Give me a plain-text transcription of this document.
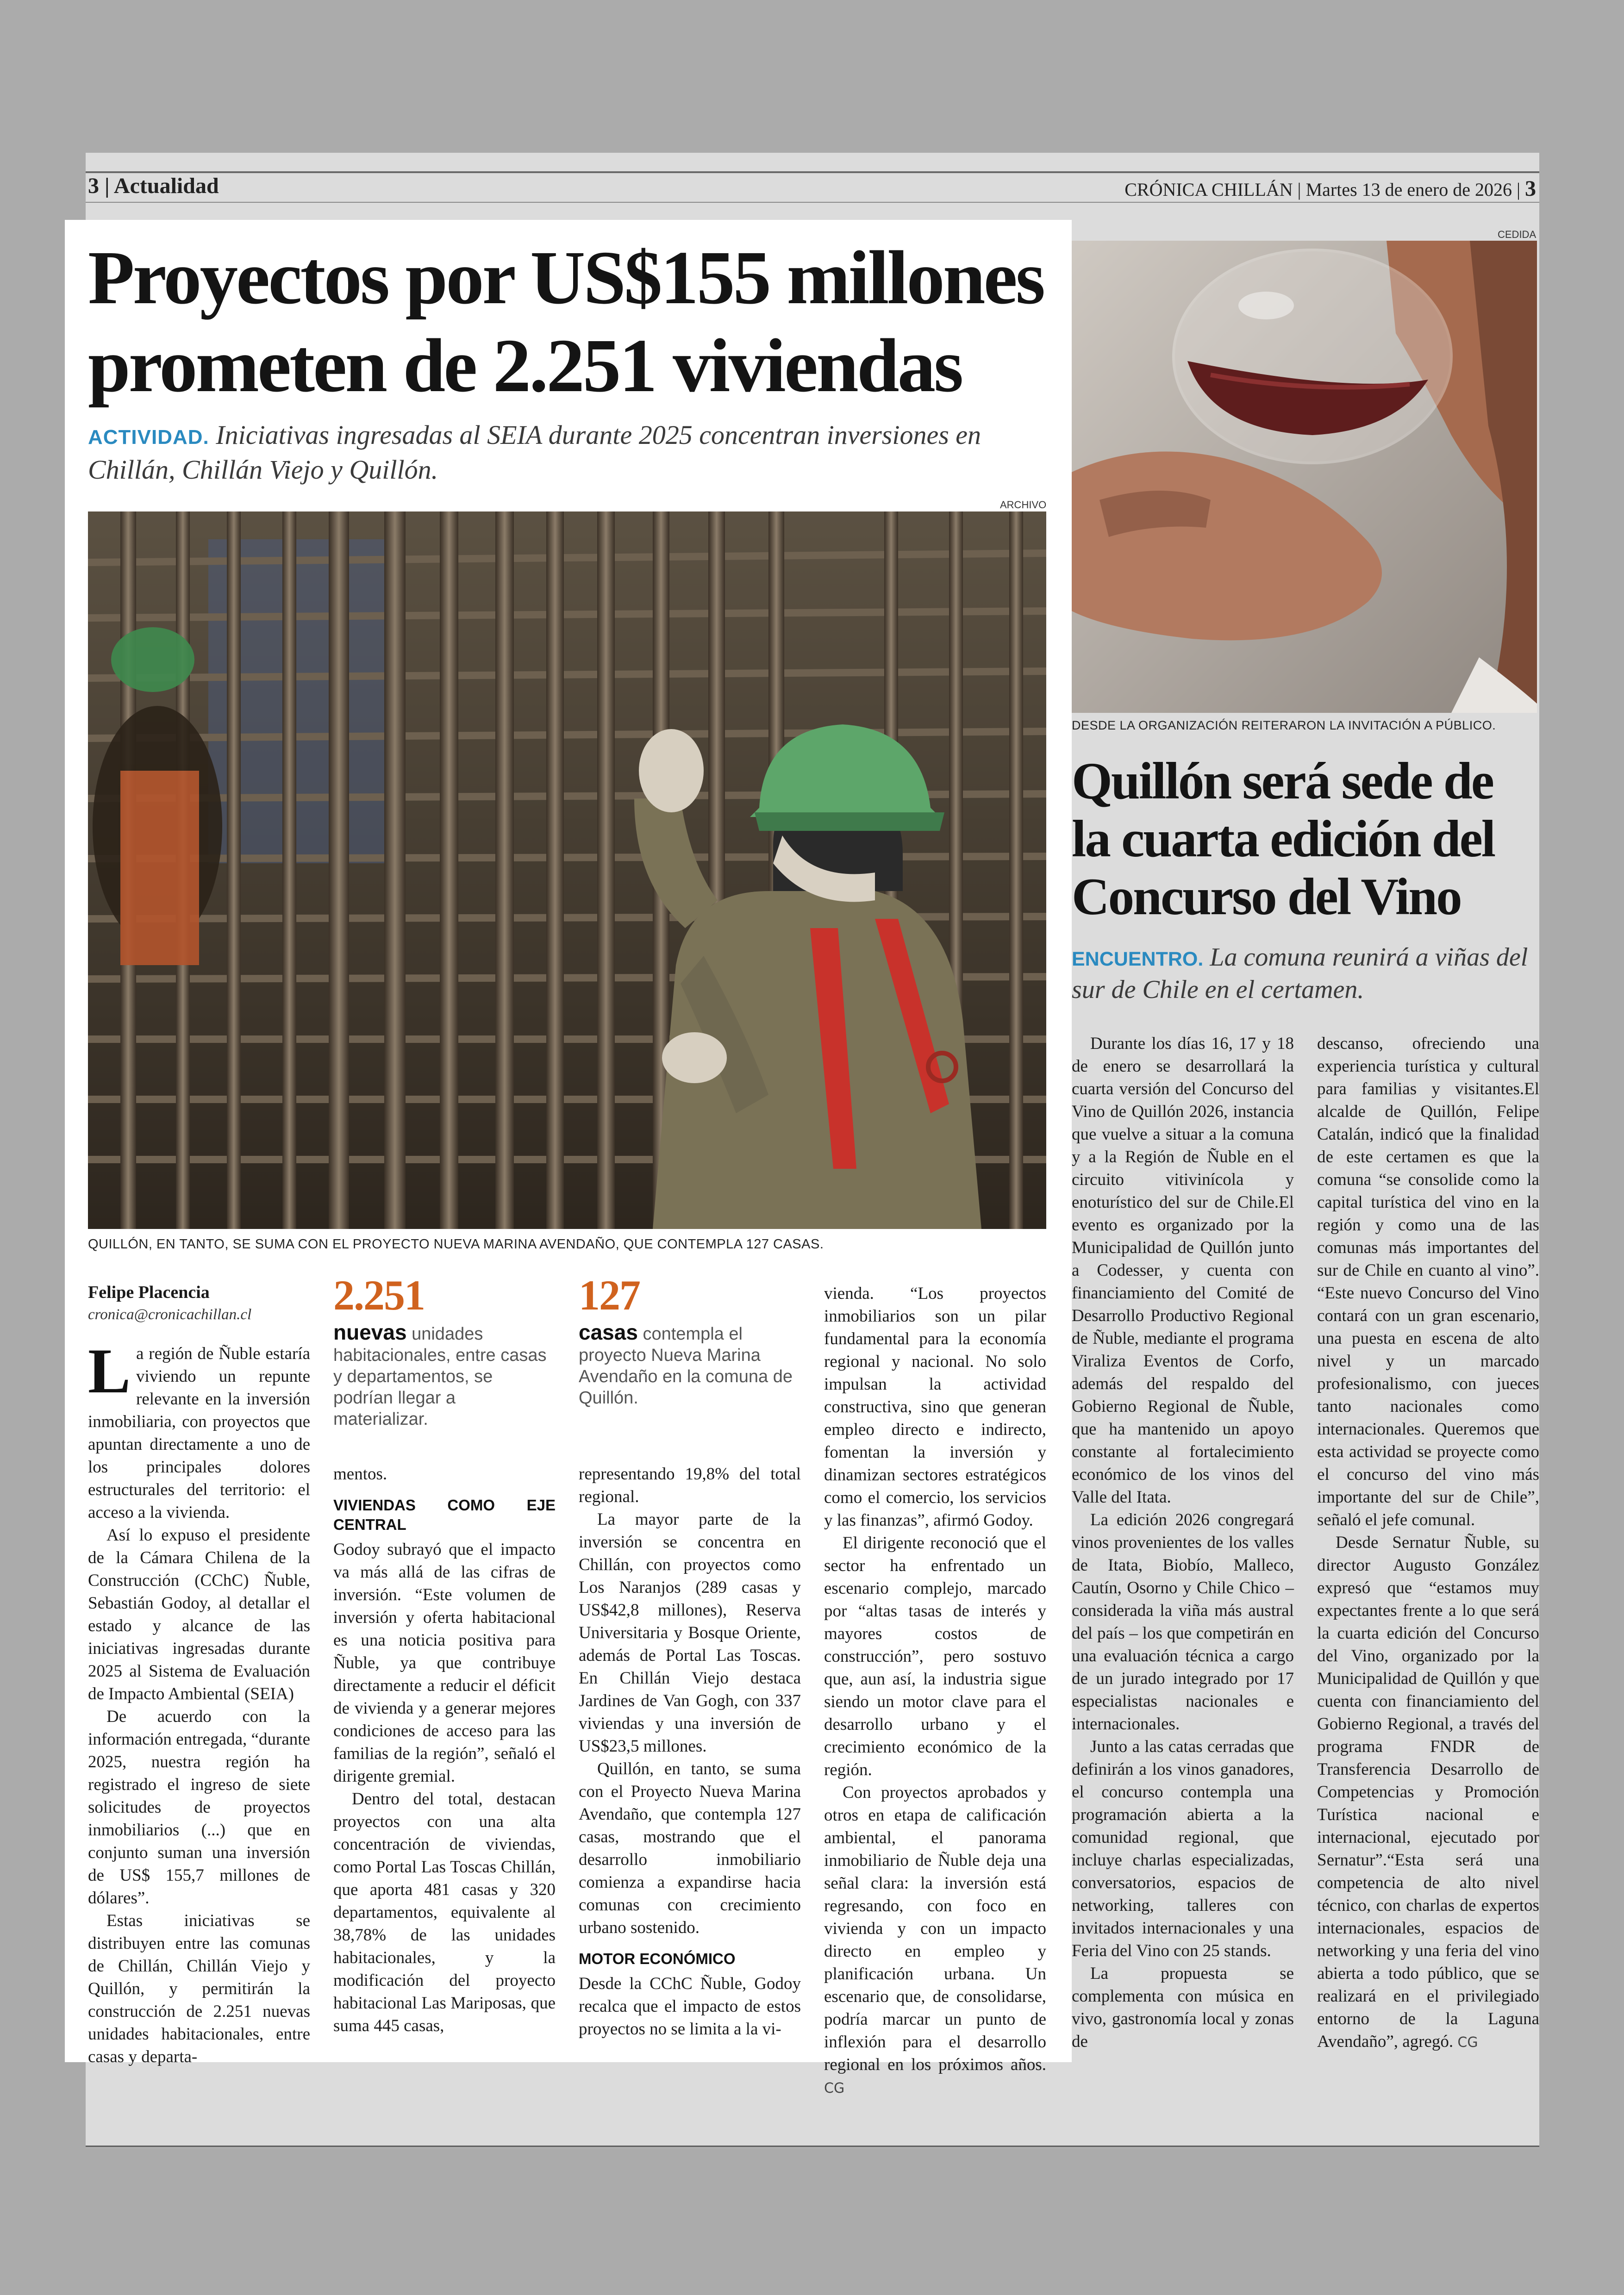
3 | Actualidad	CRÓNICA CHILLÁN | Martes 13 de enero de 2026 | 3
Proyectos por US$155 millones
prometen de 2.251 viviendas
ACTIVIDAD. Iniciativas ingresadas al SEIA durante 2025 concentran inversiones en Chillán, Chillán Viejo y Quillón.
ARCHIVO
QUILLÓN, EN TANTO, SE SUMA CON EL PROYECTO NUEVA MARINA AVENDAÑO, QUE CONTEMPLA 127 CASAS.
Felipe Placencia
cronica@cronicachillan.cl 2.251
nuevas unidades habitacionales, entre casas y departamentos, se podrían llegar a materializar.
127
casas contempla el proyecto Nueva Marina Avendaño en la comuna de Quillón.

La región de Ñuble estaría viviendo un repunte relevante en la inversión inmobiliaria, con proyectos que apuntan directamente a uno de los principales dolores estructurales del territorio: el acceso a la vivienda.

Así lo expuso el presidente de la Cámara Chilena de la Construcción (CChC) Ñuble, Sebastián Godoy, al detallar el estado y alcance de las iniciativas ingresadas durante 2025 al Sistema de Evaluación de Impacto Ambiental (SEIA)

De acuerdo con la información entregada, “durante 2025, nuestra región ha registrado el ingreso de siete solicitudes de proyectos inmobiliarios (...) que en conjunto suman una inversión de US$ 155,7 millones de dólares”.

Estas iniciativas se distribuyen entre las comunas de Chillán, Chillán Viejo y Quillón, y permitirán la construcción de 2.251 nuevas unidades habitacionales, entre casas y departa-

mentos.

VIVIENDAS COMO EJE CENTRAL

Godoy subrayó que el impacto va más allá de las cifras de inversión. “Este volumen de inversión y oferta habitacional es una noticia positiva para Ñuble, ya que contribuye directamente a reducir el déficit de vivienda y a generar mejores condiciones de acceso para las familias de la región”, señaló el dirigente gremial.

Dentro del total, destacan proyectos con una alta concentración de viviendas, como Portal Las Toscas Chillán, que aporta 481 casas y 320 departamentos, equivalente al 38,78% de las unidades habitacionales, y la modificación del proyecto habitacional Las Mariposas, que suma 445 casas,

representando 19,8% del total regional.

La mayor parte de la inversión se concentra en Chillán, con proyectos como Los Naranjos (289 casas y US$42,8 millones), Reserva Universitaria y Bosque Oriente, además de Portal Las Toscas. En Chillán Viejo destaca Jardines de Van Gogh, con 337 viviendas y una inversión de US$23,5 millones.

Quillón, en tanto, se suma con el Proyecto Nueva Marina Avendaño, que contempla 127 casas, mostrando que el desarrollo inmobiliario comienza a expandirse hacia comunas con crecimiento urbano sostenido.

MOTOR ECONÓMICO

Desde la CChC Ñuble, Godoy recalca que el impacto de estos proyectos no se limita a la vi-

vienda. “Los proyectos inmobiliarios son un pilar fundamental para la economía regional y nacional. No solo impulsan la actividad constructiva, sino que generan empleo directo e indirecto, fomentan la inversión y dinamizan sectores estratégicos como el comercio, los servicios y las finanzas”, afirmó Godoy.

El dirigente reconoció que el sector ha enfrentado un escenario complejo, marcado por “altas tasas de interés y mayores costos de construcción”, pero sostuvo que, aun así, la industria sigue siendo un motor clave para el desarrollo urbano y el crecimiento económico de la región.

Con proyectos aprobados y otros en etapa de calificación ambiental, el panorama inmobiliario de Ñuble deja una señal clara: la inversión está regresando, con foco en vivienda y con un impacto directo en empleo y planificación urbana. Un escenario que, de consolidarse, podría marcar un punto de inflexión para el desarrollo regional en los próximos años. CG

CEDIDA
DESDE LA ORGANIZACIÓN REITERARON LA INVITACIÓN A PÚBLICO.
Quillón será sede de
la cuarta edición del
Concurso del Vino
ENCUENTRO. La comuna reunirá a viñas del sur de Chile en el certamen.

Durante los días 16, 17 y 18 de enero se desarrollará la cuarta versión del Concurso del Vino de Quillón 2026, instancia que vuelve a situar a la comuna y a la Región de Ñuble en el circuito vitivinícola y enoturístico del sur de Chile.El evento es organizado por la Municipalidad de Quillón junto a Codesser, y cuenta con financiamiento del Comité de Desarrollo Productivo Regional de Ñuble, mediante el programa Viraliza Eventos de Corfo, además del respaldo del Gobierno Regional de Ñuble, que ha mantenido un apoyo constante al fortalecimiento económico de los vinos del Valle del Itata.

La edición 2026 congregará vinos provenientes de los valles de Itata, Biobío, Malleco, Cautín, Osorno y Chile Chico – considerada la viña más austral del país – los que competirán en una evaluación técnica a cargo de un jurado integrado por 17 especialistas nacionales e internacionales.

Junto a las catas cerradas que definirán a los vinos ganadores, el concurso contempla una programación abierta a la comunidad regional, que incluye charlas especializadas, conversatorios, espacios de networking, talleres con invitados internacionales y una Feria del Vino con 25 stands.

La propuesta se complementa con música en vivo, gastronomía local y zonas de

descanso, ofreciendo una experiencia turística y cultural para familias y visitantes.El alcalde de Quillón, Felipe Catalán, indicó que la finalidad de este certamen es que la comuna “se consolide como la capital turística del vino en la región y como una de las comunas más importantes del sur de Chile en cuanto al vino”. “Este nuevo Concurso del Vino contará con un gran escenario, una puesta en escena de alto nivel y un marcado profesionalismo, con jueces tanto nacionales como internacionales. Queremos que esta actividad se proyecte como el concurso del vino más importante del sur de Chile”, señaló el jefe comunal.

Desde Sernatur Ñuble, su director Augusto González expresó que “estamos muy expectantes frente a lo que será la cuarta edición del Concurso del Vino, organizado por la Municipalidad de Quillón y que cuenta con financiamiento del Gobierno Regional, a través del programa FNDR de Transferencia Desarrollo de Competencias y Promoción Turística nacional e internacional, ejecutado por Sernatur”.“Esta será una competencia de alto nivel técnico, con charlas de expertos internacionales, espacios de networking y una feria del vino abierta a todo público, que se realizará en el privilegiado entorno de la Laguna Avendaño”, agregó. CG
